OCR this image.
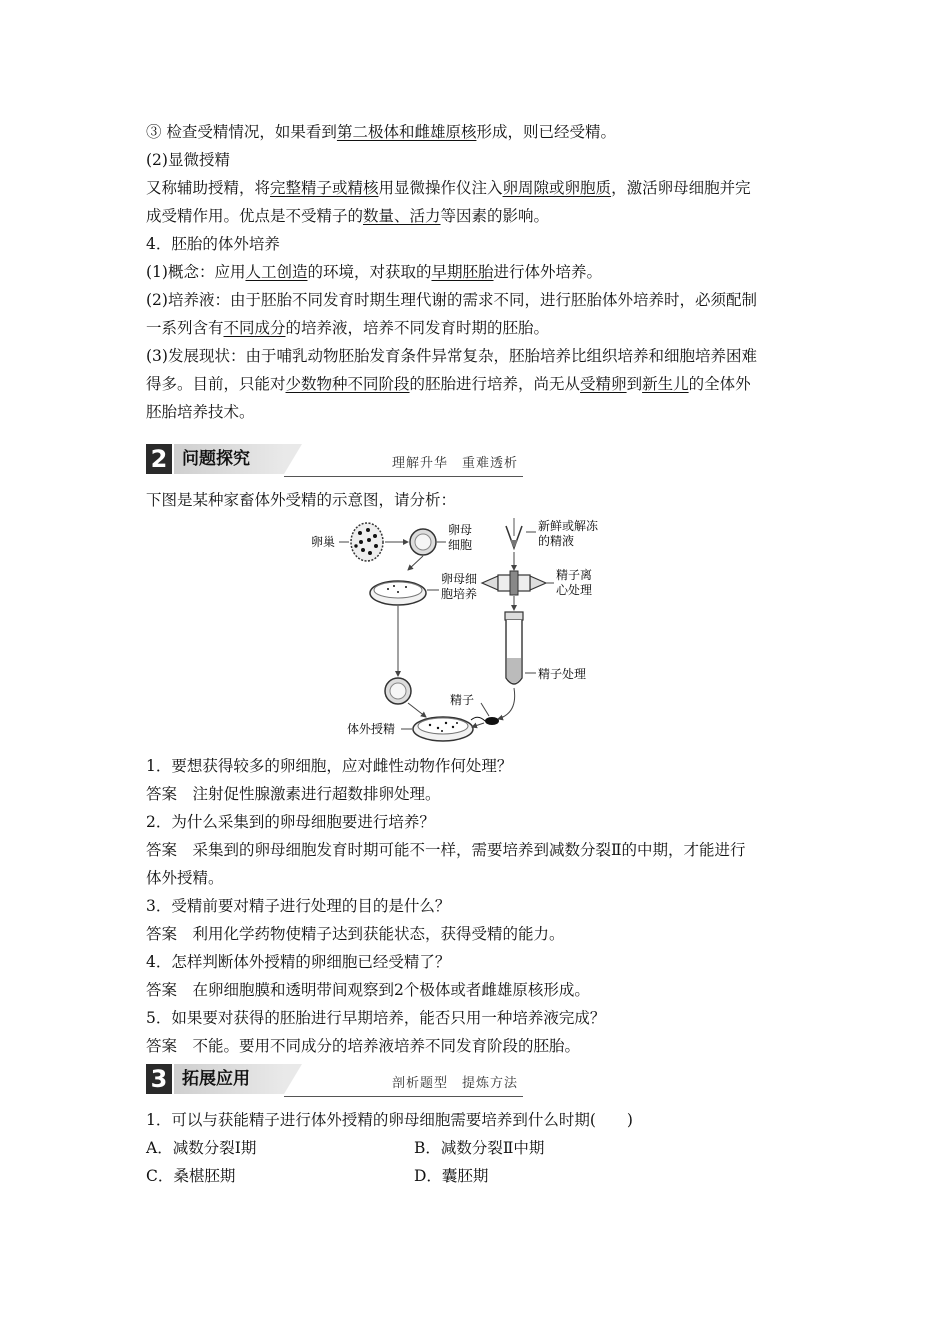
③ 检查受精情况，如果看到第二极体和雌雄原核形成，则已经受精。
(2)显微授精
又称辅助授精，将完整精子或精核用显微操作仪注入卵周隙或卵胞质，激活卵母细胞并完
成受精作用。优点是不受精子的数量、活力等因素的影响。
4．胚胎的体外培养
(1)概念：应用人工创造的环境，对获取的早期胚胎进行体外培养。
(2)培养液：由于胚胎不同发育时期生理代谢的需求不同，进行胚胎体外培养时，必须配制
一系列含有不同成分的培养液，培养不同发育时期的胚胎。
(3)发展现状：由于哺乳动物胚胎发育条件异常复杂，胚胎培养比组织培养和细胞培养困难
得多。目前，只能对少数物种不同阶段的胚胎进行培养，尚无从受精卵到新生儿的全体外
胚胎培养技术。
2 问题探究	理解升华　重难透析
下图是某种家畜体外受精的示意图，请分析：
卵巢
卵母
细胞
卵母细
胞培养
体外授精
新鲜或解冻
的精液
精子离
心处理
精子处理
精子
1．要想获得较多的卵细胞，应对雌性动物作何处理？
答案　注射促性腺激素进行超数排卵处理。
2．为什么采集到的卵母细胞要进行培养？
答案　采集到的卵母细胞发育时期可能不一样，需要培养到减数分裂Ⅱ的中期，才能进行
体外授精。
3．受精前要对精子进行处理的目的是什么？
答案　利用化学药物使精子达到获能状态，获得受精的能力。
4．怎样判断体外授精的卵细胞已经受精了？
答案　在卵细胞膜和透明带间观察到2个极体或者雌雄原核形成。
5．如果要对获得的胚胎进行早期培养，能否只用一种培养液完成？
答案　不能。要用不同成分的培养液培养不同发育阶段的胚胎。
3 拓展应用	剖析题型　提炼方法
1．可以与获能精子进行体外授精的卵母细胞需要培养到什么时期(　　)
A．减数分裂Ⅰ期	B．减数分裂Ⅱ中期
C．桑椹胚期	D．囊胚期
